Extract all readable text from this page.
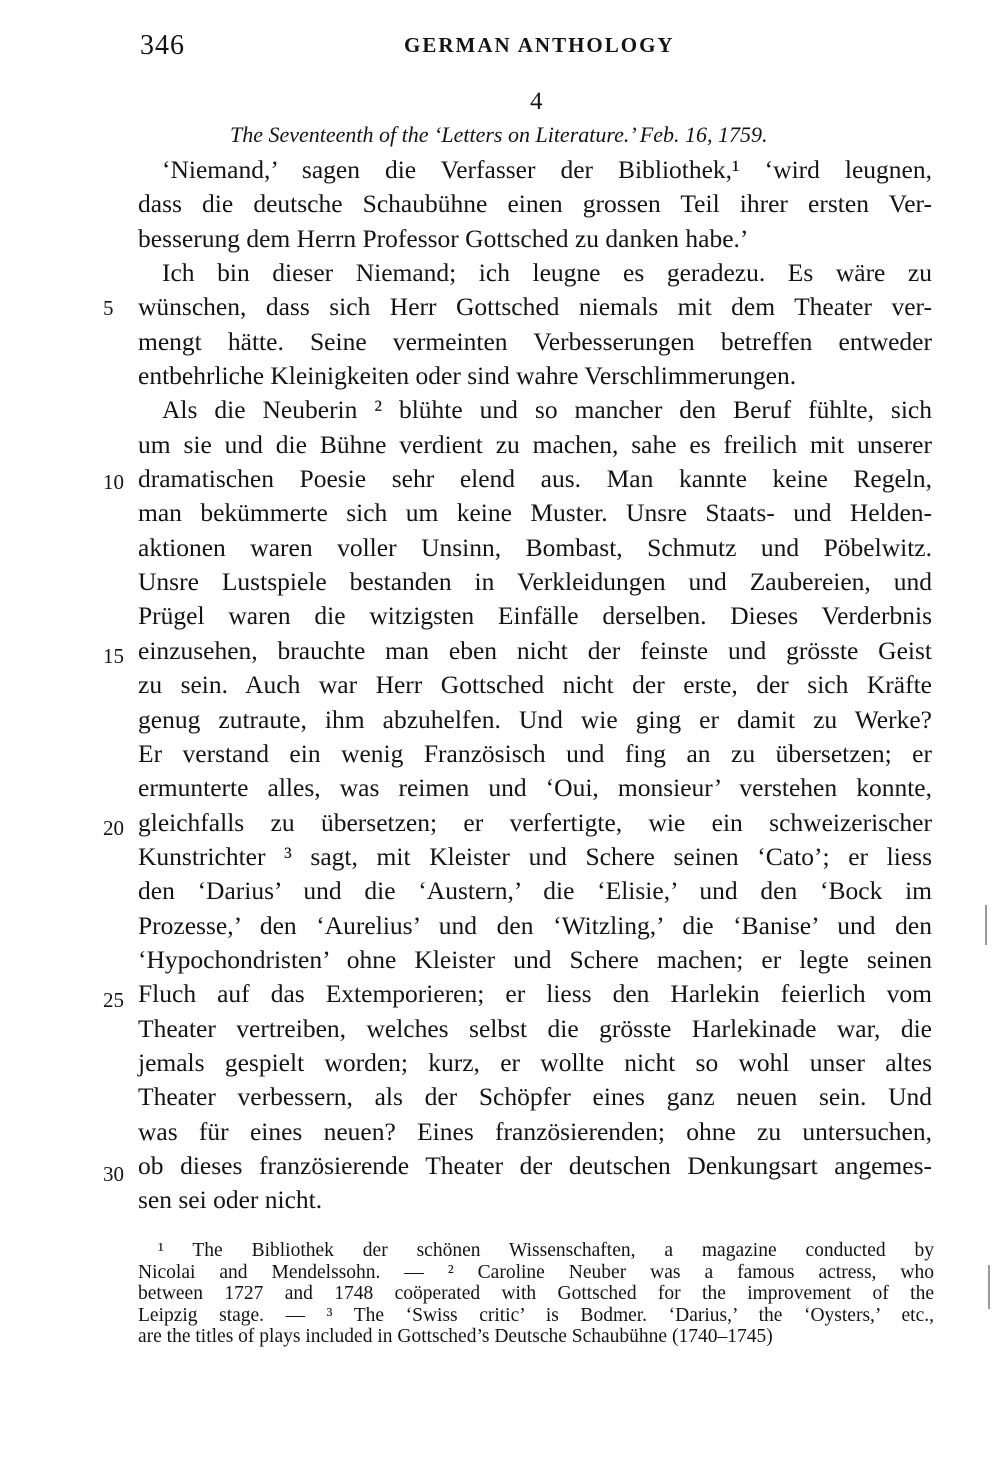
346	GERMAN ANTHOLOGY
4
The Seventeenth of the ‘Letters on Literature.’ Feb. 16, 1759.
‘Niemand,’ sagen die Verfasser der Bibliothek,¹ ‘wird leugnen,
dass die deutsche Schaubühne einen grossen Teil ihrer ersten Ver-
besserung dem Herrn Professor Gottsched zu danken habe.’
Ich bin dieser Niemand; ich leugne es geradezu. Es wäre zu
wünschen, dass sich Herr Gottsched niemals mit dem Theater ver-
mengt hätte. Seine vermeinten Verbesserungen betreffen entweder
entbehrliche Kleinigkeiten oder sind wahre Verschlimmerungen.
Als die Neuberin ² blühte und so mancher den Beruf fühlte, sich
um sie und die Bühne verdient zu machen, sahe es freilich mit unserer
dramatischen Poesie sehr elend aus. Man kannte keine Regeln,
man bekümmerte sich um keine Muster. Unsre Staats- und Helden-
aktionen waren voller Unsinn, Bombast, Schmutz und Pöbelwitz.
Unsre Lustspiele bestanden in Verkleidungen und Zaubereien, und
Prügel waren die witzigsten Einfälle derselben. Dieses Verderbnis
einzusehen, brauchte man eben nicht der feinste und grösste Geist
zu sein. Auch war Herr Gottsched nicht der erste, der sich Kräfte
genug zutraute, ihm abzuhelfen. Und wie ging er damit zu Werke?
Er verstand ein wenig Französisch und fing an zu übersetzen; er
ermunterte alles, was reimen und ‘Oui, monsieur’ verstehen konnte,
gleichfalls zu übersetzen; er verfertigte, wie ein schweizerischer
Kunstrichter ³ sagt, mit Kleister und Schere seinen ‘Cato’; er liess
den ‘Darius’ und die ‘Austern,’ die ‘Elisie,’ und den ‘Bock im
Prozesse,’ den ‘Aurelius’ und den ‘Witzling,’ die ‘Banise’ und den
‘Hypochondristen’ ohne Kleister und Schere machen; er legte seinen
Fluch auf das Extemporieren; er liess den Harlekin feierlich vom
Theater vertreiben, welches selbst die grösste Harlekinade war, die
jemals gespielt worden; kurz, er wollte nicht so wohl unser altes
Theater verbessern, als der Schöpfer eines ganz neuen sein. Und
was für eines neuen? Eines französierenden; ohne zu untersuchen,
ob dieses französierende Theater der deutschen Denkungsart angemes-
sen sei oder nicht.
5
10
15
20
25
30
¹ The Bibliothek der schönen Wissenschaften, a magazine conducted by
Nicolai and Mendelssohn. — ² Caroline Neuber was a famous actress, who
between 1727 and 1748 coöperated with Gottsched for the improvement of the
Leipzig stage. — ³ The ‘Swiss critic’ is Bodmer. ‘Darius,’ the ‘Oysters,’ etc.,
are the titles of plays included in Gottsched’s Deutsche Schaubühne (1740–1745)
